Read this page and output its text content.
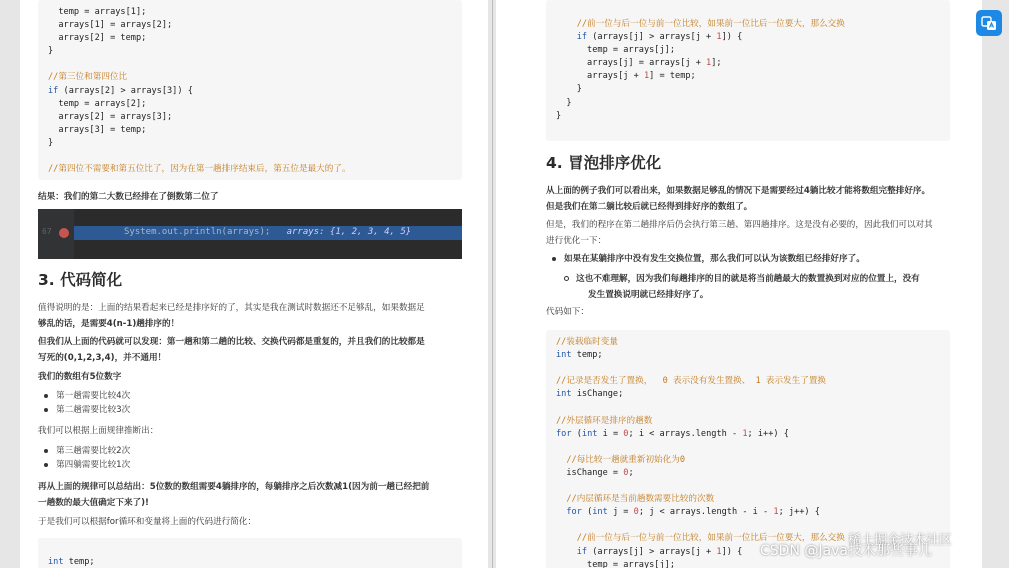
temp = arrays[1];
arrays[1] = arrays[2];
arrays[2] = temp;
}

//第三位和第四位比
if (arrays[2] > arrays[3]) {
temp = arrays[2];
arrays[2] = arrays[3];
arrays[3] = temp;
}

//第四位不需要和第五位比了，因为在第一趟排序结束后，第五位是最大的了。
结果：我们的第二大数已经排在了倒数第二位了
67	System.out.println(arrays); arrays: {1, 2, 3, 4, 5}
3. 代码简化
值得说明的是：上面的结果看起来已经是排序好的了，其实是我在测试时数据还不足够乱，如果数据足
够乱的话，是需要4(n-1)趟排序的！
但我们从上面的代码就可以发现：第一趟和第二趟的比较、交换代码都是重复的，并且我们的比较都是
写死的(0,1,2,3,4)，并不通用！
我们的数组有5位数字
第一趟需要比较4次
第二趟需要比较3次
我们可以根据上面规律推断出：
第三趟需要比较2次
第四躺需要比较1次
再从上面的规律可以总结出：5位数的数组需要4躺排序的，每躺排序之后次数减1(因为前一趟已经把前
一趟数的最大值确定下来了)!
于是我们可以根据for循环和变量将上面的代码进行简化：
int temp;
//前一位与后一位与前一位比较，如果前一位比后一位要大，那么交换
if (arrays[j] > arrays[j + 1]) {
temp = arrays[j];
arrays[j] = arrays[j + 1];
arrays[j + 1] = temp;
}
}
}
4. 冒泡排序优化
从上面的例子我们可以看出来，如果数据足够乱的情况下是需要经过4躺比较才能将数组完整排好序。
但是我们在第二躺比较后就已经得到排好序的数组了。
但是，我们的程序在第二趟排序后仍会执行第三趟、第四趟排序。这是没有必要的，因此我们可以对其
进行优化一下：
如果在某躺排序中没有发生交换位置，那么我们可以认为该数组已经排好序了。
这也不难理解，因为我们每趟排序的目的就是将当前趟最大的数置换到对应的位置上，没有
发生置换说明就已经排好序了。
代码如下：
//装载临时变量
int temp;

//记录是否发生了置换，  0 表示没有发生置换、 1 表示发生了置换
int isChange;

//外层循环是排序的趟数
for (int i = 0; i < arrays.length - 1; i++) {

//每比较一趟就重新初始化为0
isChange = 0;

//内层循环是当前趟数需要比较的次数
for (int j = 0; j < arrays.length - i - 1; j++) {

//前一位与后一位与前一位比较，如果前一位比后一位要大，那么交换
if (arrays[j] > arrays[j + 1]) {
temp = arrays[j];
稀土掘金技术社区
CSDN @Java技术那些事儿
